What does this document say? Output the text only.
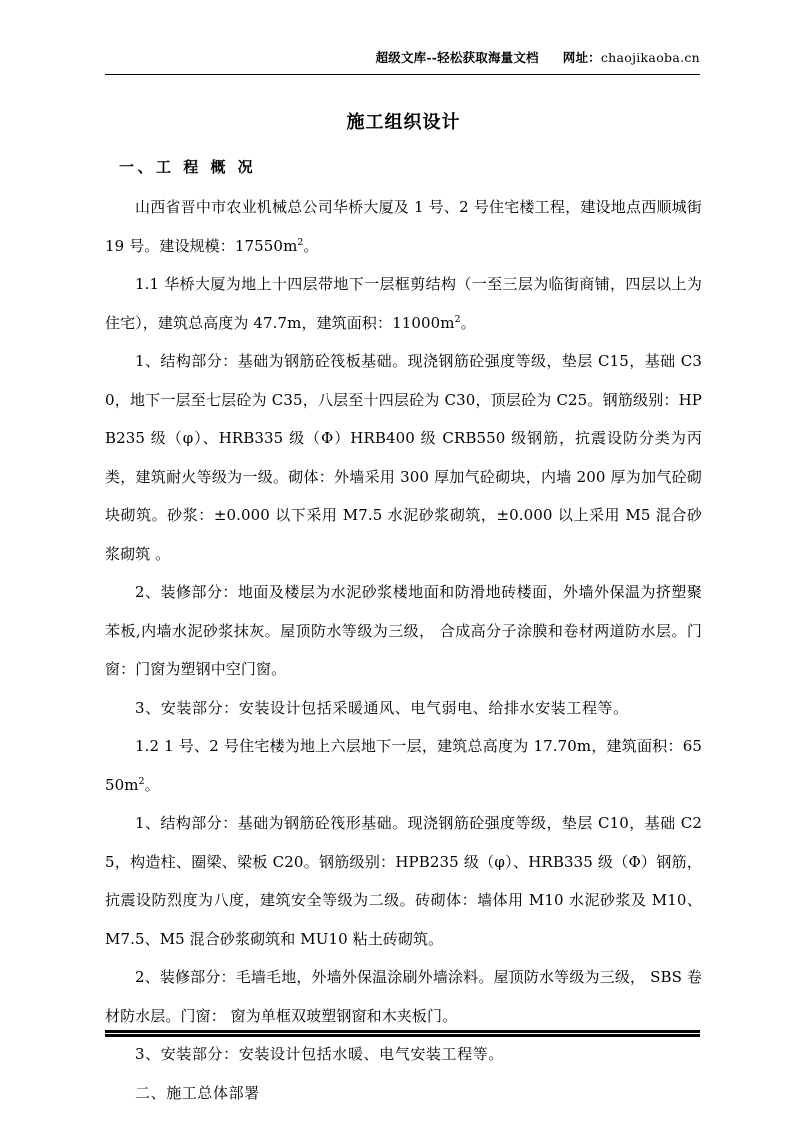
超级文库--轻松获取海量文档 网址：chaojikaoba.cn
施工组织设计
一、工 程 概 况

山西省晋中市农业机械总公司华桥大厦及 1 号、2 号住宅楼工程，建设地点西顺城街 19 号。建设规模：$17550m^2$。

1.1 华桥大厦为地上十四层带地下一层框剪结构（一至三层为临街商铺，四层以上为住宅），建筑总高度为 47.7m，建筑面积：$11000m^2$。

1、结构部分：基础为钢筋砼筏板基础。现浇钢筋砼强度等级，垫层 C15，基础 C30，地下一层至七层砼为 C35，八层至十四层砼为 C30，顶层砼为 C25。钢筋级别：HPB235 级（φ）、HRB335 级（Φ）HRB400 级 CRB550 级钢筋，抗震设防分类为丙类，建筑耐火等级为一级。砌体：外墙采用 300 厚加气砼砌块，内墙 200 厚为加气砼砌块砌筑。砂浆：±0.000 以下采用 M7.5 水泥砂浆砌筑，±0.000 以上采用 M5 混合砂浆砌筑 。

2、装修部分：地面及楼层为水泥砂浆楼地面和防滑地砖楼面，外墙外保温为挤塑聚苯板,内墙水泥砂浆抹灰。屋顶防水等级为三级， 合成高分子涂膜和卷材两道防水层。门窗：门窗为塑钢中空门窗。

3、安装部分：安装设计包括采暖通风、电气弱电、给排水安装工程等。

1.2 1 号、2 号住宅楼为地上六层地下一层，建筑总高度为 17.70m，建筑面积：$6550m^2$。

1、结构部分：基础为钢筋砼筏形基础。现浇钢筋砼强度等级，垫层 C10，基础 C25，构造柱、圈梁、梁板 C20。钢筋级别：HPB235 级（φ）、HRB335 级（Φ）钢筋，抗震设防烈度为八度，建筑安全等级为二级。砖砌体：墙体用 M10 水泥砂浆及 M10、M7.5、M5 混合砂浆砌筑和 MU10 粘土砖砌筑。

2、装修部分：毛墙毛地，外墙外保温涂刷外墙涂料。屋顶防水等级为三级， SBS 卷材防水层。门窗： 窗为单框双玻塑钢窗和木夹板门。

3、安装部分：安装设计包括水暖、电气安装工程等。

二、施工总体部署
